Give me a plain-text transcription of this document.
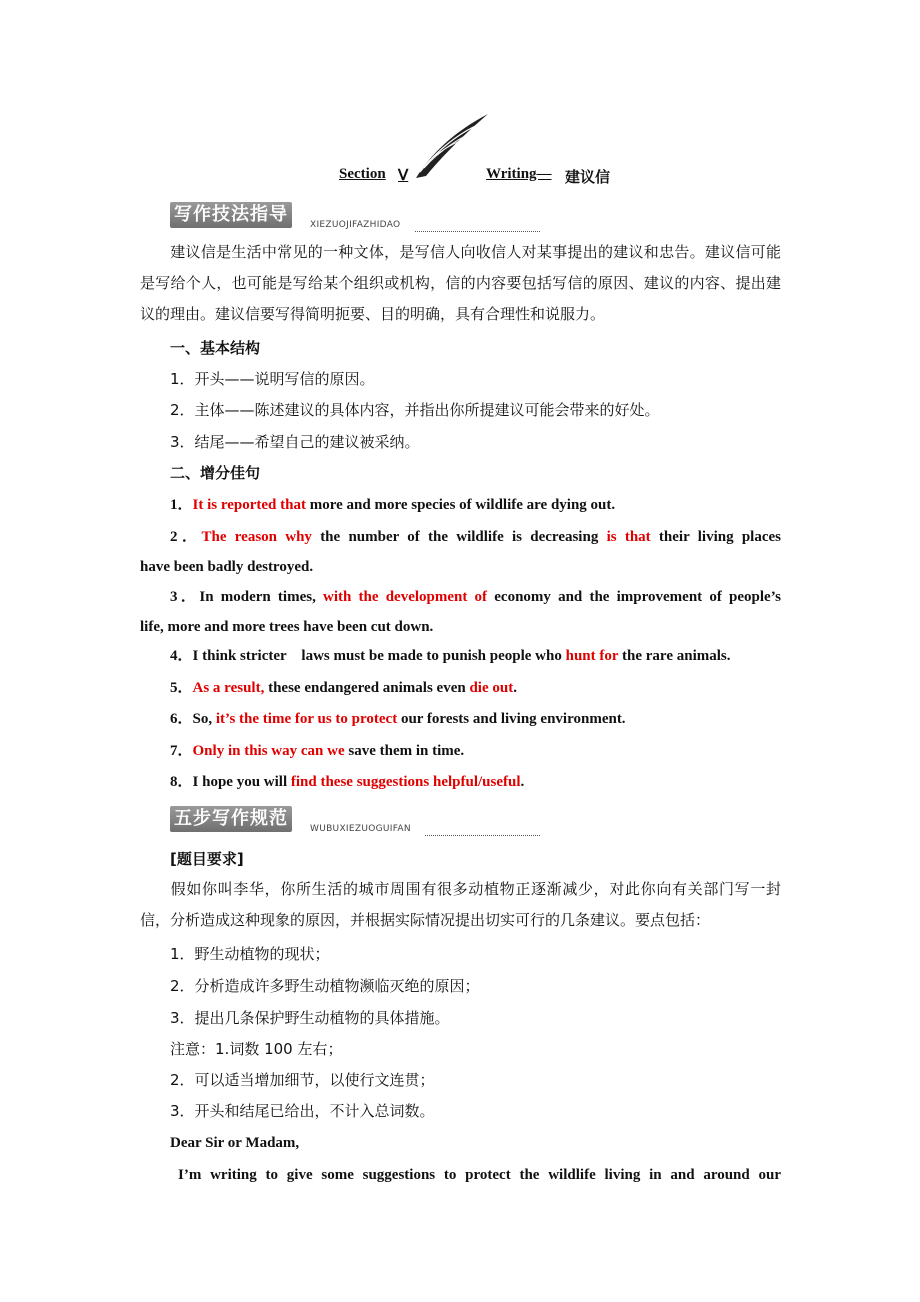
Section Ⅴ	Writing— 建议信
写作技法指导	XIEZUOJIFAZHIDAO
建议信是生活中常见的一种文体，是写信人向收信人对某事提出的建议和忠告。建议信可能是写给个人，也可能是写给某个组织或机构，信的内容要包括写信的原因、建议的内容、提出建议的理由。建议信要写得简明扼要、目的明确，具有合理性和说服力。
一、基本结构
1．开头——说明写信的原因。
2．主体——陈述建议的具体内容，并指出你所提建议可能会带来的好处。
3．结尾——希望自己的建议被采纳。
二、增分佳句
1．It is reported that more and more species of wildlife are dying out.
2．The reason why the number of the wildlife is decreasing is that their living places
have been badly destroyed.
3．In modern times, with the development of economy and the improvement of people’s
life, more and more trees have been cut down.
4．I think stricter    laws must be made to punish people who hunt for the rare animals.
5．As a result, these endangered animals even die out.
6．So, it’s the time for us to protect our forests and living environment.
7．Only in this way can we save them in time.
8．I hope you will find these suggestions helpful/useful.
五步写作规范	WUBUXIEZUOGUIFAN
[题目要求]
假如你叫李华，你所生活的城市周围有很多动植物正逐渐减少，对此你向有关部门写一封信，分析造成这种现象的原因，并根据实际情况提出切实可行的几条建议。要点包括：
1．野生动植物的现状；
2．分析造成许多野生动植物濒临灭绝的原因；
3．提出几条保护野生动植物的具体措施。
注意：1.词数 100 左右；
2．可以适当增加细节，以使行文连贯；
3．开头和结尾已给出，不计入总词数。
Dear Sir or Madam,
I’m writing to give some suggestions to protect the wildlife living in and around our
